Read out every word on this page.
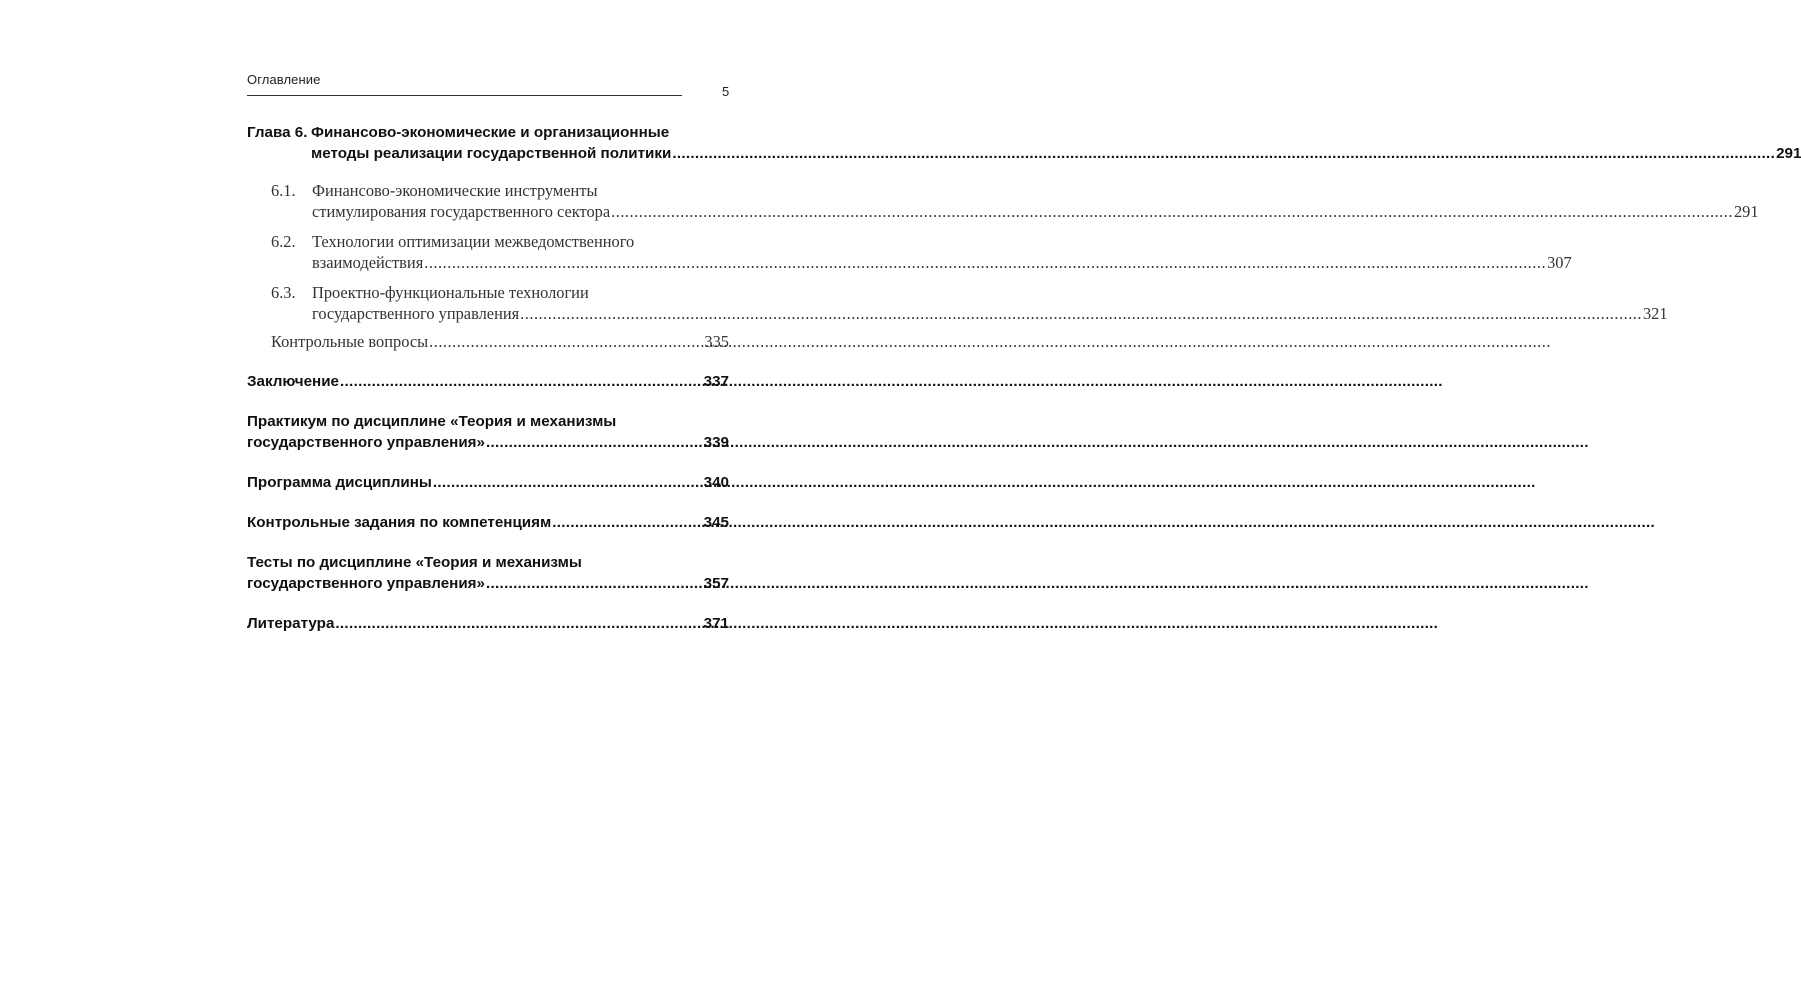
Оглавление
5
Глава 6. Финансово-экономические и организационные
методы реализации государственной политики .....	291
6.1.	Финансово-экономические инструменты
стимулирования государственного сектора .....	291
6.2.	Технологии оптимизации межведомственного
взаимодействия .....	307
6.3.	Проектно-функциональные технологии
государственного управления .....	321
Контрольные вопросы .....	335
Заключение .....	337
Практикум по дисциплине «Теория и механизмы
государственного управления» .....	339
Программа дисциплины .....	340
Контрольные задания по компетенциям .....	345
Тесты по дисциплине «Теория и механизмы
государственного управления» .....	357
Литература .....	371
